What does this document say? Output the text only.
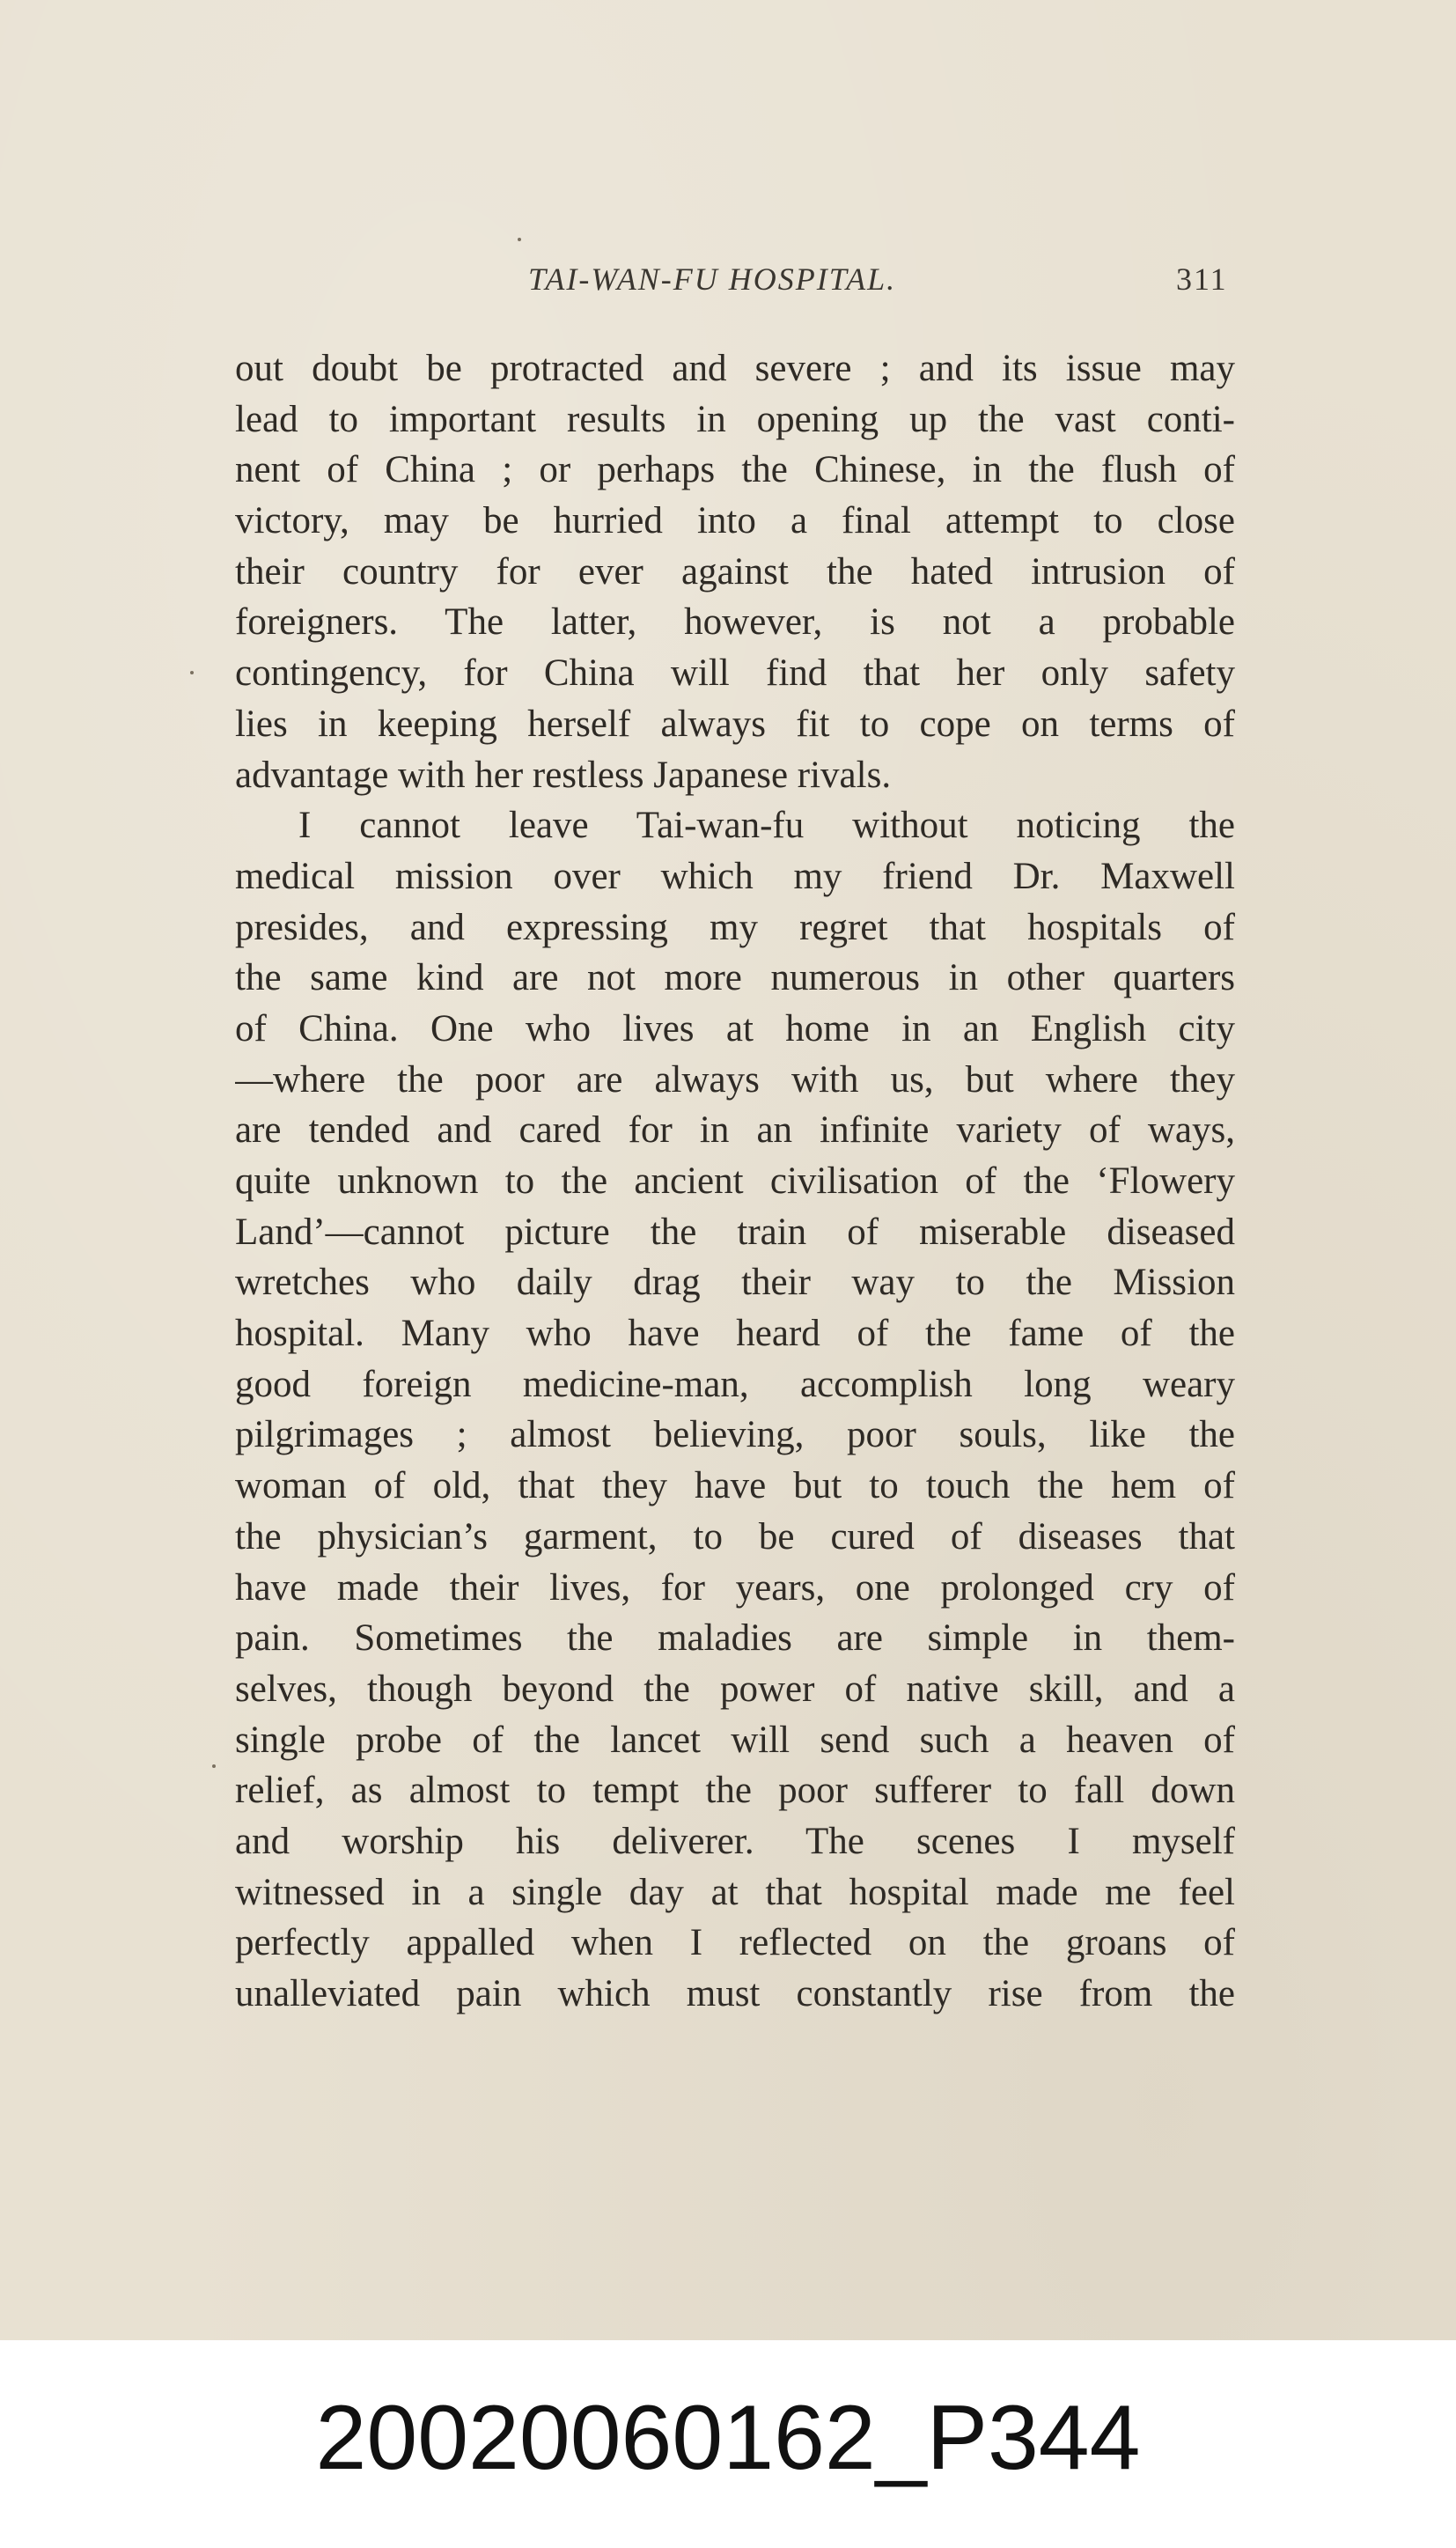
TAI-WAN-FU HOSPITAL.	311
out doubt be protracted and severe ; and its issue may
lead to important results in opening up the vast conti-
nent of China ; or perhaps the Chinese, in the flush of
victory, may be hurried into a final attempt to close
their country for ever against the hated intrusion of
foreigners. The latter, however, is not a probable
contingency, for China will find that her only safety
lies in keeping herself always fit to cope on terms of
advantage with her restless Japanese rivals.
I cannot leave Tai-wan-fu without noticing the
medical mission over which my friend Dr. Maxwell
presides, and expressing my regret that hospitals of
the same kind are not more numerous in other quarters
of China. One who lives at home in an English city
—where the poor are always with us, but where they
are tended and cared for in an infinite variety of ways,
quite unknown to the ancient civilisation of the ‘Flowery
Land’—cannot picture the train of miserable diseased
wretches who daily drag their way to the Mission
hospital. Many who have heard of the fame of the
good foreign medicine-man, accomplish long weary
pilgrimages ; almost believing, poor souls, like the
woman of old, that they have but to touch the hem of
the physician’s garment, to be cured of diseases that
have made their lives, for years, one prolonged cry of
pain. Sometimes the maladies are simple in them-
selves, though beyond the power of native skill, and a
single probe of the lancet will send such a heaven of
relief, as almost to tempt the poor sufferer to fall down
and worship his deliverer. The scenes I myself
witnessed in a single day at that hospital made me feel
perfectly appalled when I reflected on the groans of
unalleviated pain which must constantly rise from the
20020060162_P344
